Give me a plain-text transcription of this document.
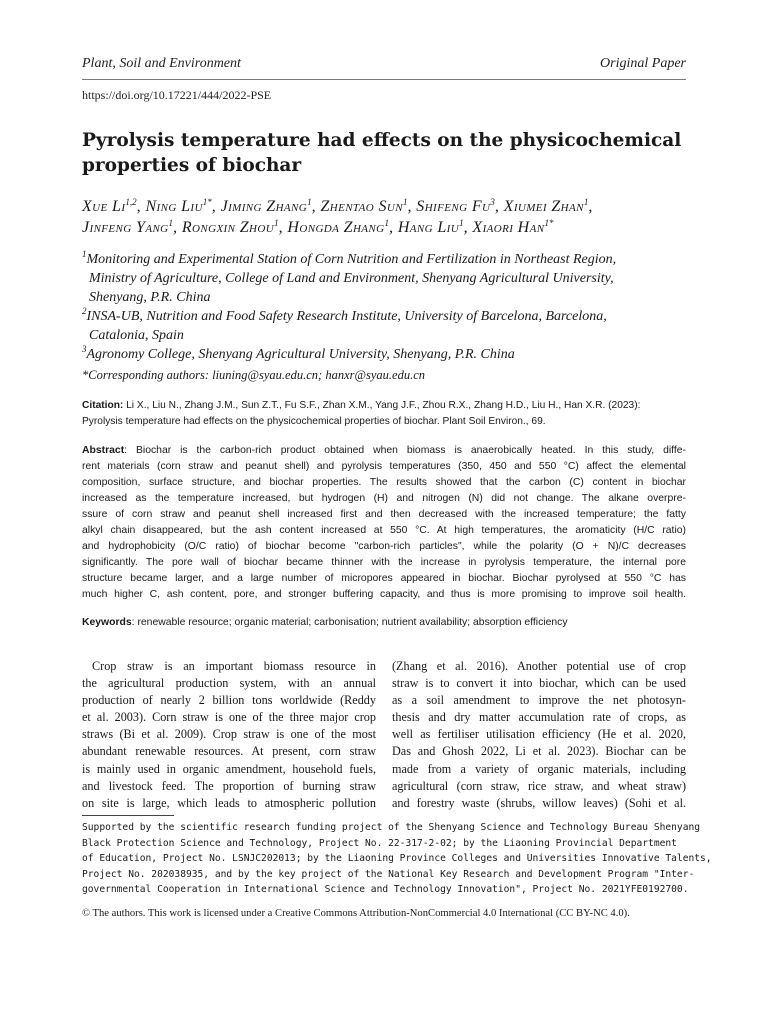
Plant, Soil and Environment	Original Paper
https://doi.org/10.17221/444/2022-PSE
Pyrolysis temperature had effects on the physicochemical
properties of biochar
Xue Li$^{1,2}$, Ning Liu$^{1*}$, Jiming Zhang$^1$, Zhentao Sun$^1$, Shifeng Fu$^3$, Xiumei Zhan$^1$,
Jinfeng Yang$^1$, Rongxin Zhou$^1$, Hongda Zhang$^1$, Hang Liu$^1$, Xiaori Han$^{1*}$
$^1$Monitoring and Experimental Station of Corn Nutrition and Fertilization in Northeast Region,
Ministry of Agriculture, College of Land and Environment, Shenyang Agricultural University,
Shenyang, P.R. China
$^2$INSA-UB, Nutrition and Food Safety Research Institute, University of Barcelona, Barcelona,
Catalonia, Spain
$^3$Agronomy College, Shenyang Agricultural University, Shenyang, P.R. China
*Corresponding authors: liuning@syau.edu.cn; hanxr@syau.edu.cn
Citation: Li X., Liu N., Zhang J.M., Sun Z.T., Fu S.F., Zhan X.M., Yang J.F., Zhou R.X., Zhang H.D., Liu H., Han X.R. (2023):
Pyrolysis temperature had effects on the physicochemical properties of biochar. Plant Soil Environ., 69.
Abstract: Biochar is the carbon-rich product obtained when biomass is anaerobically heated. In this study, diffe-
rent materials (corn straw and peanut shell) and pyrolysis temperatures (350, 450 and 550 °C) affect the elemental
composition, surface structure, and biochar properties. The results showed that the carbon (C) content in biochar
increased as the temperature increased, but hydrogen (H) and nitrogen (N) did not change. The alkane overpre-
ssure of corn straw and peanut shell increased first and then decreased with the increased temperature; the fatty
alkyl chain disappeared, but the ash content increased at 550 °C. At high temperatures, the aromaticity (H/C ratio)
and hydrophobicity (O/C ratio) of biochar become "carbon-rich particles", while the polarity (O + N)/C decreases
significantly. The pore wall of biochar became thinner with the increase in pyrolysis temperature, the internal pore
structure became larger, and a large number of micropores appeared in biochar. Biochar pyrolysed at 550 °C has
much higher C, ash content, pore, and stronger buffering capacity, and thus is more promising to improve soil health.
Keywords: renewable resource; organic material; carbonisation; nutrient availability; absorption efficiency
Crop straw is an important biomass resource in
the agricultural production system, with an annual
production of nearly 2 billion tons worldwide (Reddy
et al. 2003). Corn straw is one of the three major crop
straws (Bi et al. 2009). Crop straw is one of the most
abundant renewable resources. At present, corn straw
is mainly used in organic amendment, household fuels,
and livestock feed. The proportion of burning straw
on site is large, which leads to atmospheric pollution
(Zhang et al. 2016). Another potential use of crop
straw is to convert it into biochar, which can be used
as a soil amendment to improve the net photosyn-
thesis and dry matter accumulation rate of crops, as
well as fertiliser utilisation efficiency (He et al. 2020,
Das and Ghosh 2022, Li et al. 2023). Biochar can be
made from a variety of organic materials, including
agricultural (corn straw, rice straw, and wheat straw)
and forestry waste (shrubs, willow leaves) (Sohi et al.
Supported by the scientific research funding project of the Shenyang Science and Technology Bureau Shenyang
Black Protection Science and Technology, Project No. 22-317-2-02; by the Liaoning Provincial Department
of Education, Project No. LSNJC202013; by the Liaoning Province Colleges and Universities Innovative Talents,
Project No. 202038935, and by the key project of the National Key Research and Development Program "Inter-
governmental Cooperation in International Science and Technology Innovation", Project No. 2021YFE0192700.
© The authors. This work is licensed under a Creative Commons Attribution-NonCommercial 4.0 International (CC BY-NC 4.0).
